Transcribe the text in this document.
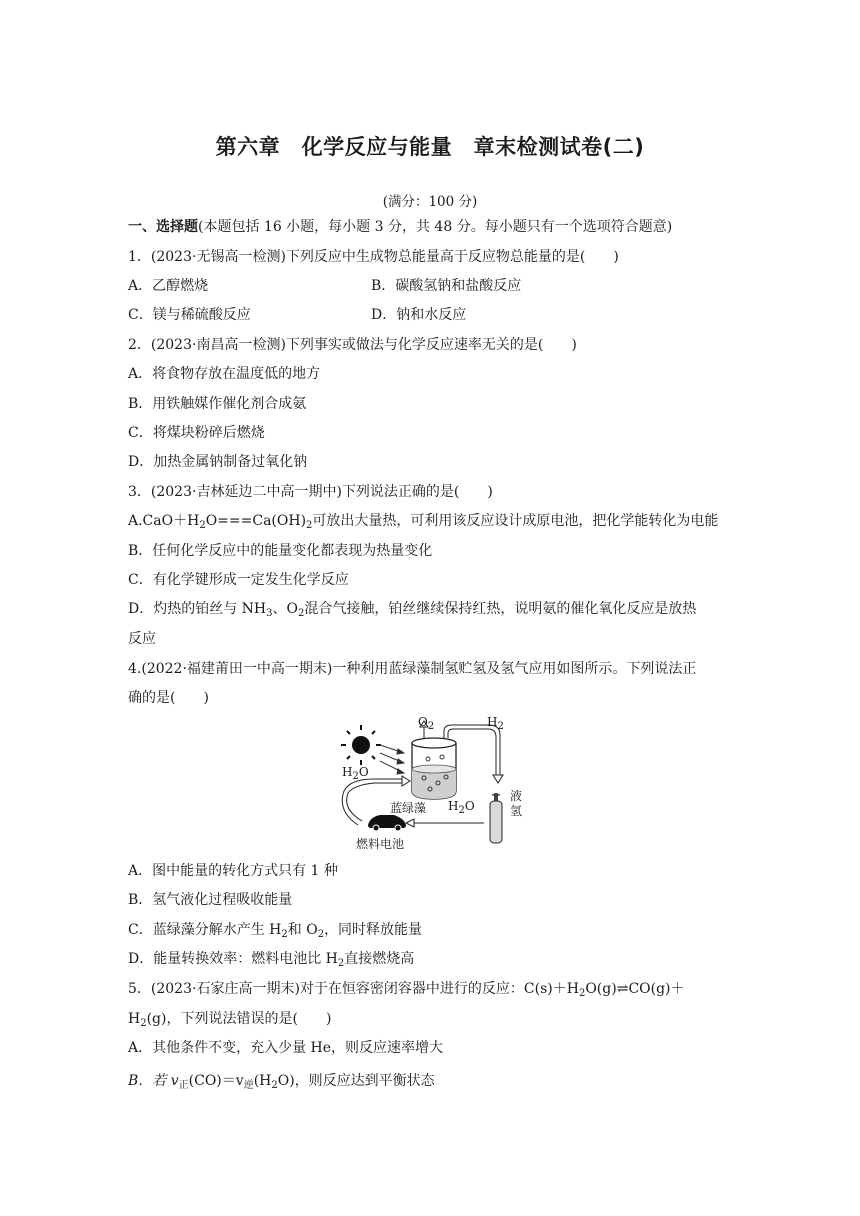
第六章　化学反应与能量　章末检测试卷(二)
(满分：100 分)
一、选择题(本题包括 16 小题，每小题 3 分，共 48 分。每小题只有一个选项符合题意)
1．(2023·无锡高一检测)下列反应中生成物总能量高于反应物总能量的是(　　)
A．乙醇燃烧	B．碳酸氢钠和盐酸反应
C．镁与稀硫酸反应	D．钠和水反应
2．(2023·南昌高一检测)下列事实或做法与化学反应速率无关的是(　　)
A．将食物存放在温度低的地方
B．用铁触媒作催化剂合成氨
C．将煤块粉碎后燃烧
D．加热金属钠制备过氧化钠
3．(2023·吉林延边二中高一期中)下列说法正确的是(　　)
$A.CaO+H_2O===Ca(OH)_2$可放出大量热，可利用该反应设计成原电池，把化学能转化为电能
B．任何化学反应中的能量变化都表现为热量变化
C．有化学键形成一定发生化学反应
D．灼热的铂丝与 $NH_3$、$O_2$混合气接触，铂丝继续保持红热，说明氨的催化氧化反应是放热
反应
4.(2022·福建莆田一中高一期末)一种利用蓝绿藻制氢贮氢及氢气应用如图所示。下列说法正
确的是(　　)
$O_2$	$H_2$
$H_2O$
蓝绿藻 $H_2O$
液氢
燃料电池
A．图中能量的转化方式只有 1 种
B．氢气液化过程吸收能量
C．蓝绿藻分解水产生 $H_2$和 $O_2$，同时释放能量
D．能量转换效率：燃料电池比 $H_2$直接燃烧高
5．(2023·石家庄高一期末)对于在恒容密闭容器中进行的反应：$C(s)+H_2O(g)\rightleftharpoons CO(g)+$
$H_2(g)$，下列说法错误的是(　　)
A．其他条件不变，充入少量 He，则反应速率增大
B．若 $v_正(CO)=v_逆(H_2O)$，则反应达到平衡状态
